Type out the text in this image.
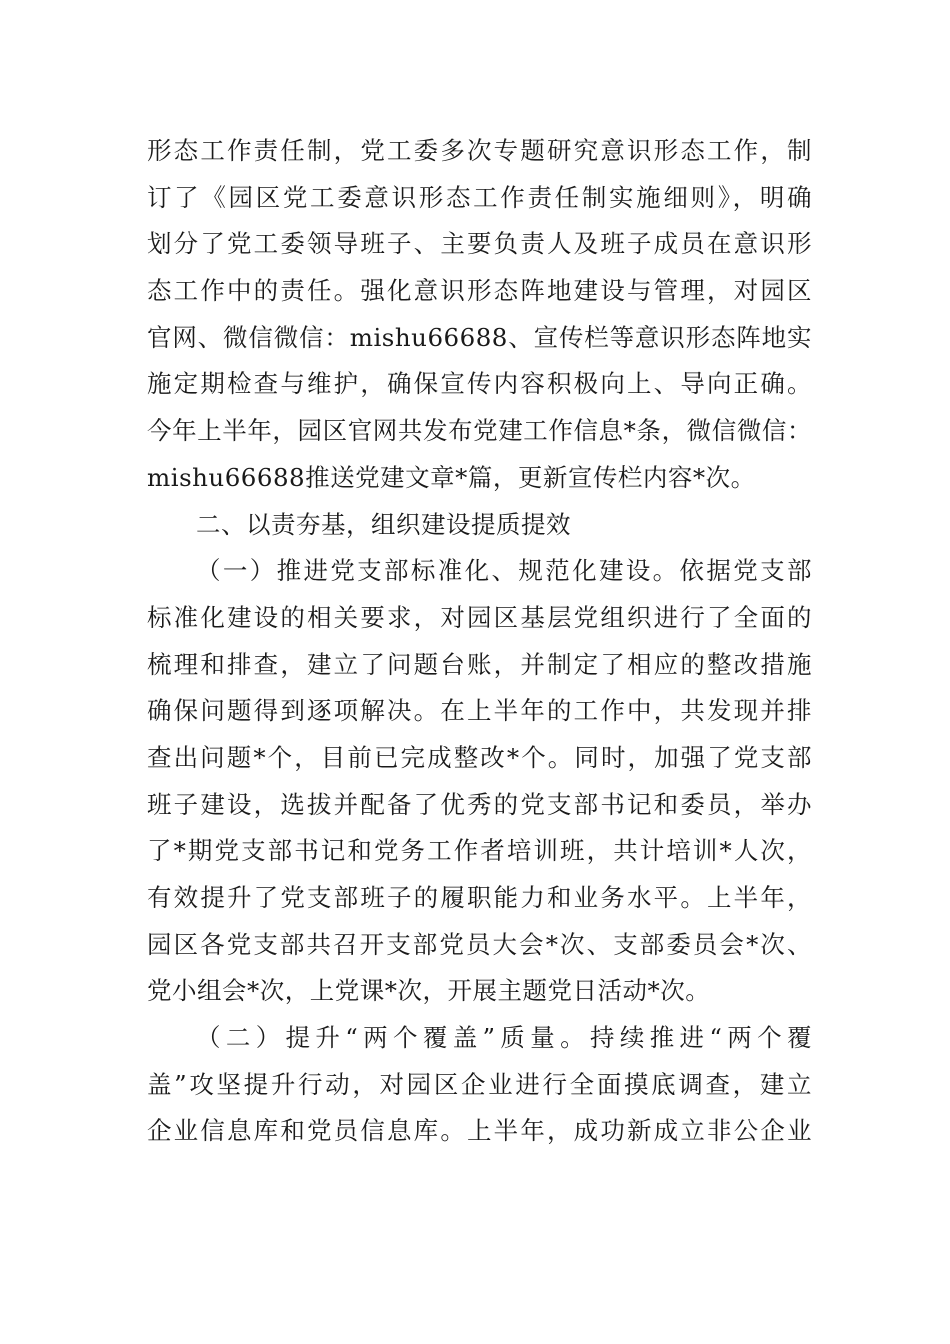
形态工作责任制，党工委多次专题研究意识形态工作，制
订了《园区党工委意识形态工作责任制实施细则》，明确
划分了党工委领导班子、主要负责人及班子成员在意识形
态工作中的责任。强化意识形态阵地建设与管理，对园区
官网、微信微信：mishu66688、宣传栏等意识形态阵地实
施定期检查与维护，确保宣传内容积极向上、导向正确。
今年上半年，园区官网共发布党建工作信息*条，微信微信：
mishu66688推送党建文章*篇，更新宣传栏内容*次。
二、以责夯基，组织建设提质提效
（一）推进党支部标准化、规范化建设。依据党支部
标准化建设的相关要求，对园区基层党组织进行了全面的
梳理和排查，建立了问题台账，并制定了相应的整改措施
确保问题得到逐项解决。在上半年的工作中，共发现并排
查出问题*个，目前已完成整改*个。同时，加强了党支部
班子建设，选拔并配备了优秀的党支部书记和委员，举办
了*期党支部书记和党务工作者培训班，共计培训*人次，
有效提升了党支部班子的履职能力和业务水平。上半年，
园区各党支部共召开支部党员大会*次、支部委员会*次、
党小组会*次，上党课*次，开展主题党日活动*次。
（二）提升“两个覆盖”质量。持续推进“两个覆
盖”攻坚提升行动，对园区企业进行全面摸底调查，建立
企业信息库和党员信息库。上半年，成功新成立非公企业
